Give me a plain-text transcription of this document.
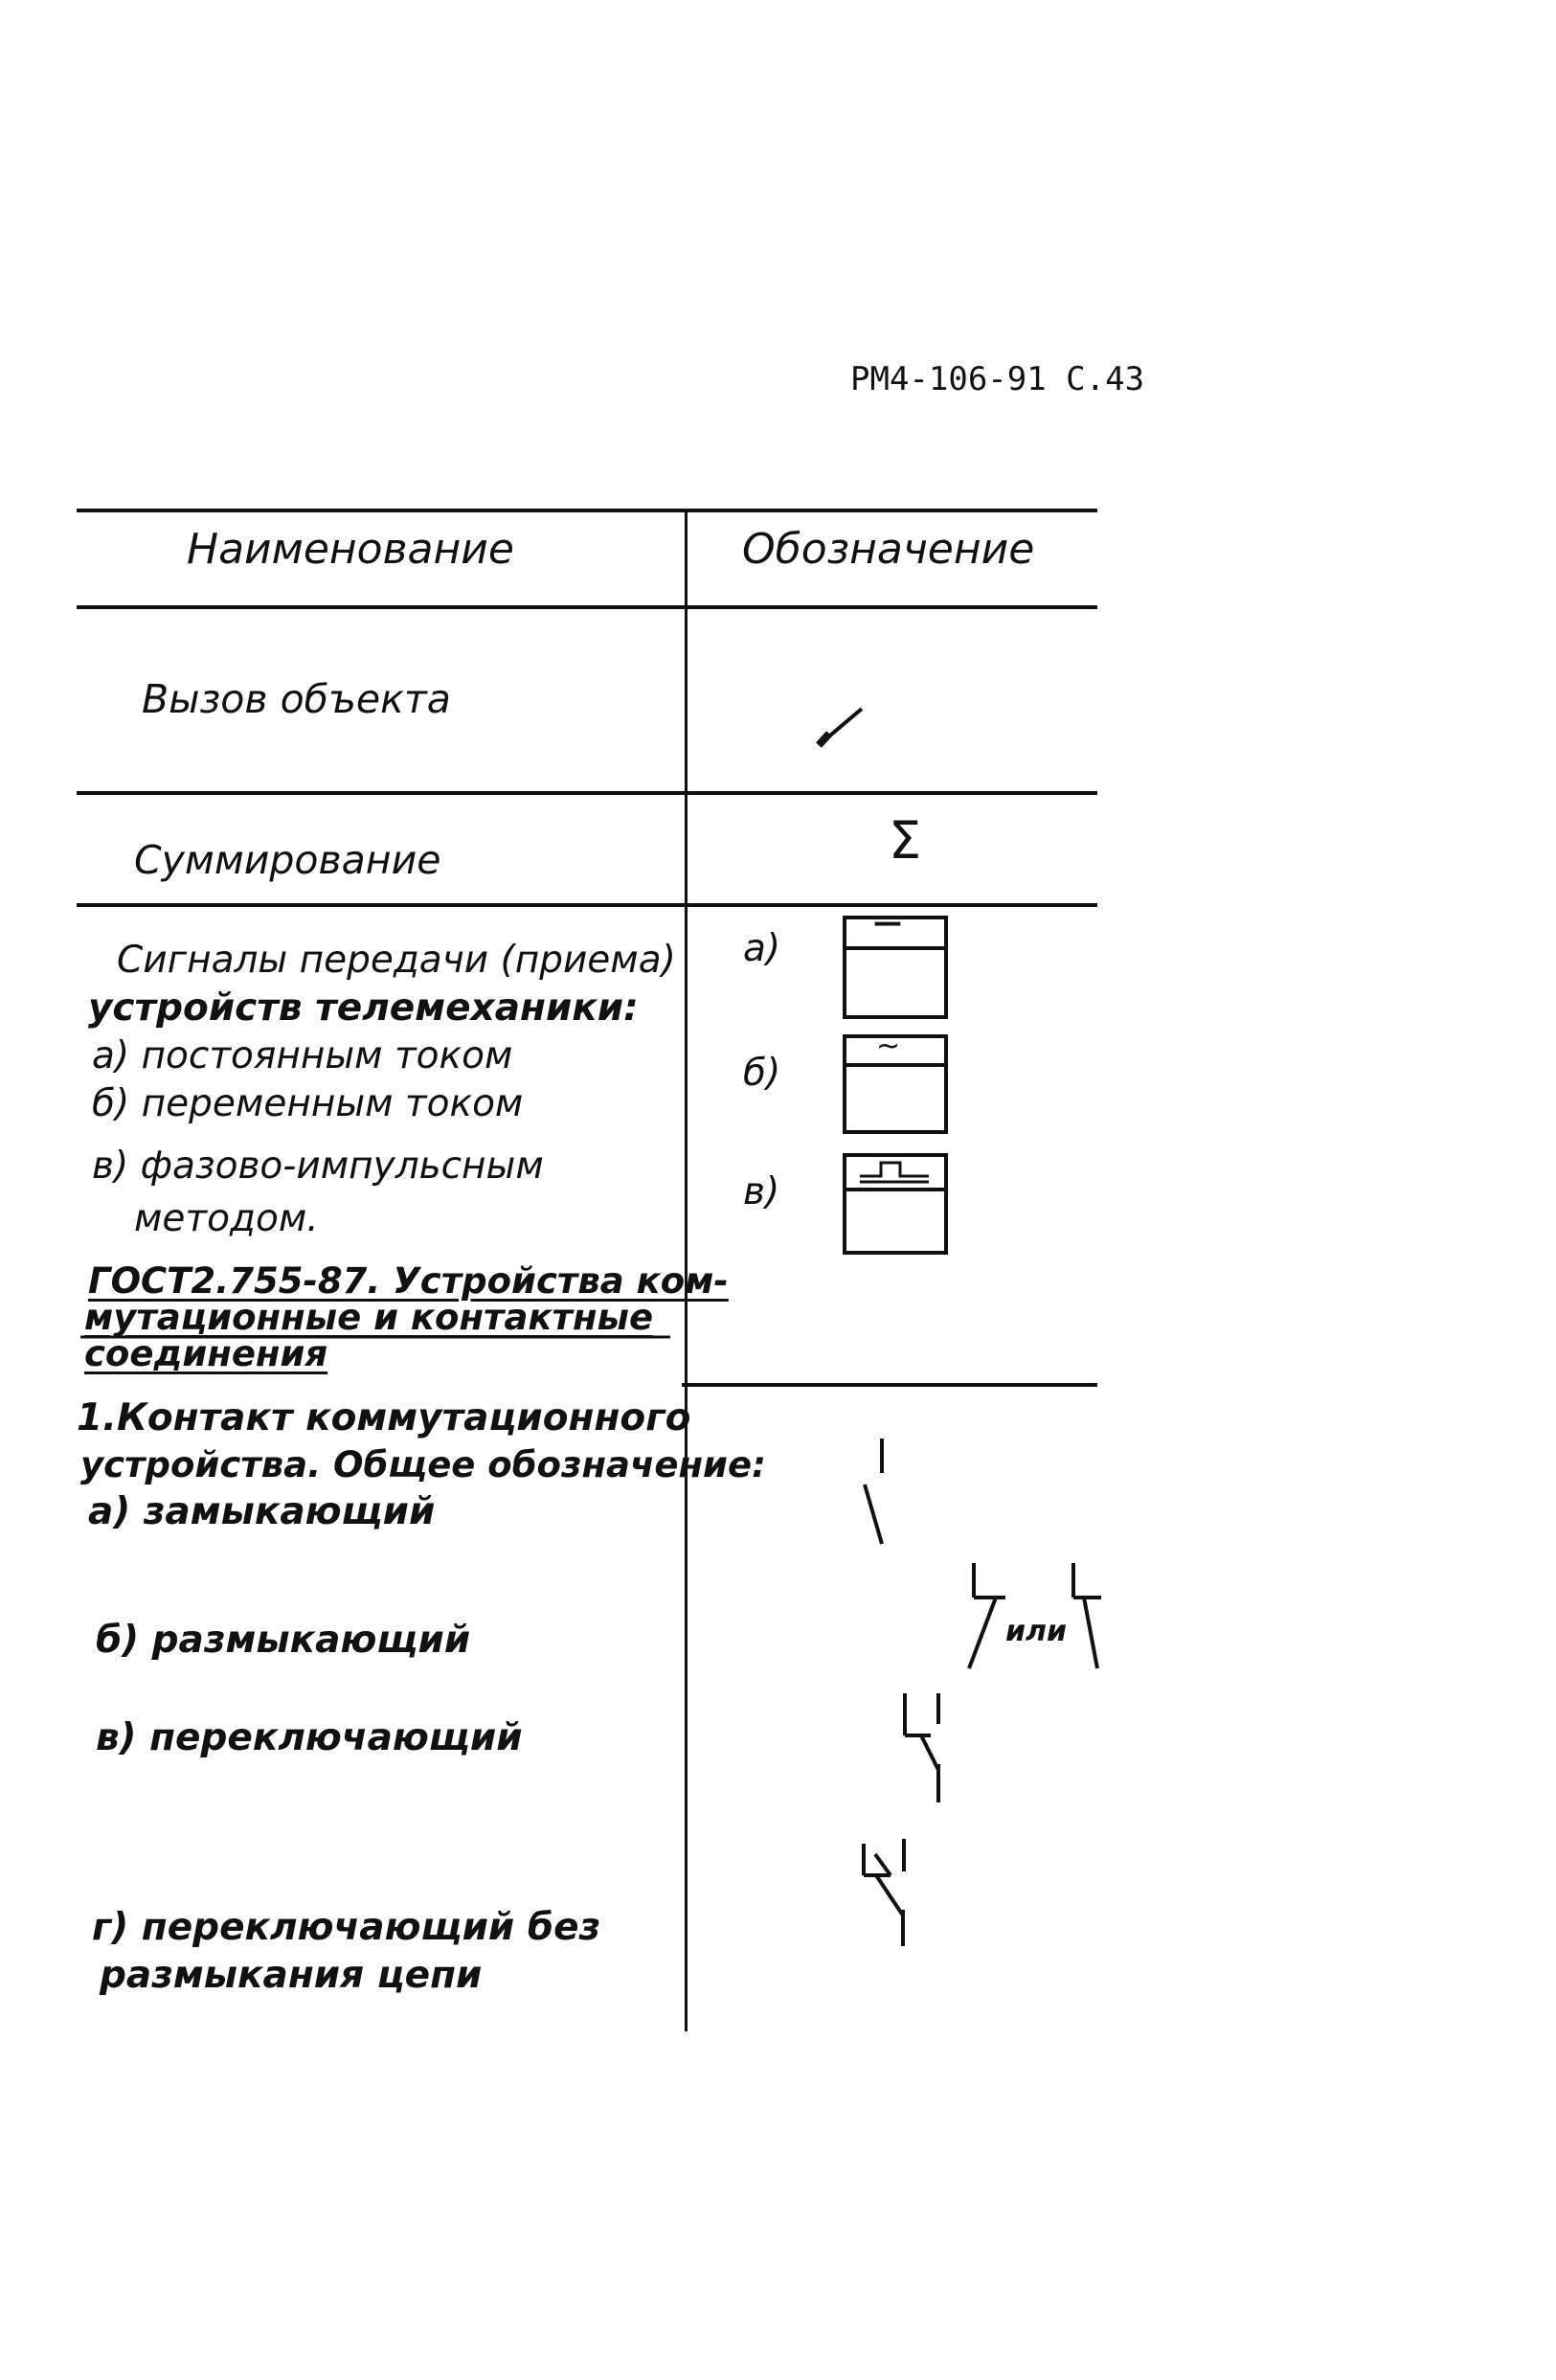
РМ4-106-91 С.43
Наименование	Обозначение
Вызов объекта
Суммирование	Σ
Сигналы передачи (приема)
устройств телемеханики:
а) постоянным током
б) переменным током
в) фазово-импульсным
методом.
а)
б)
в)
—
~
ГОСТ2.755-87. Устройства ком-
мутационные и контактные
соединения
1.Контакт коммутационного
устройства. Общее обозначение:
а) замыкающий
б) размыкающий
в) переключающий
г) переключающий без
размыкания цепи
или
